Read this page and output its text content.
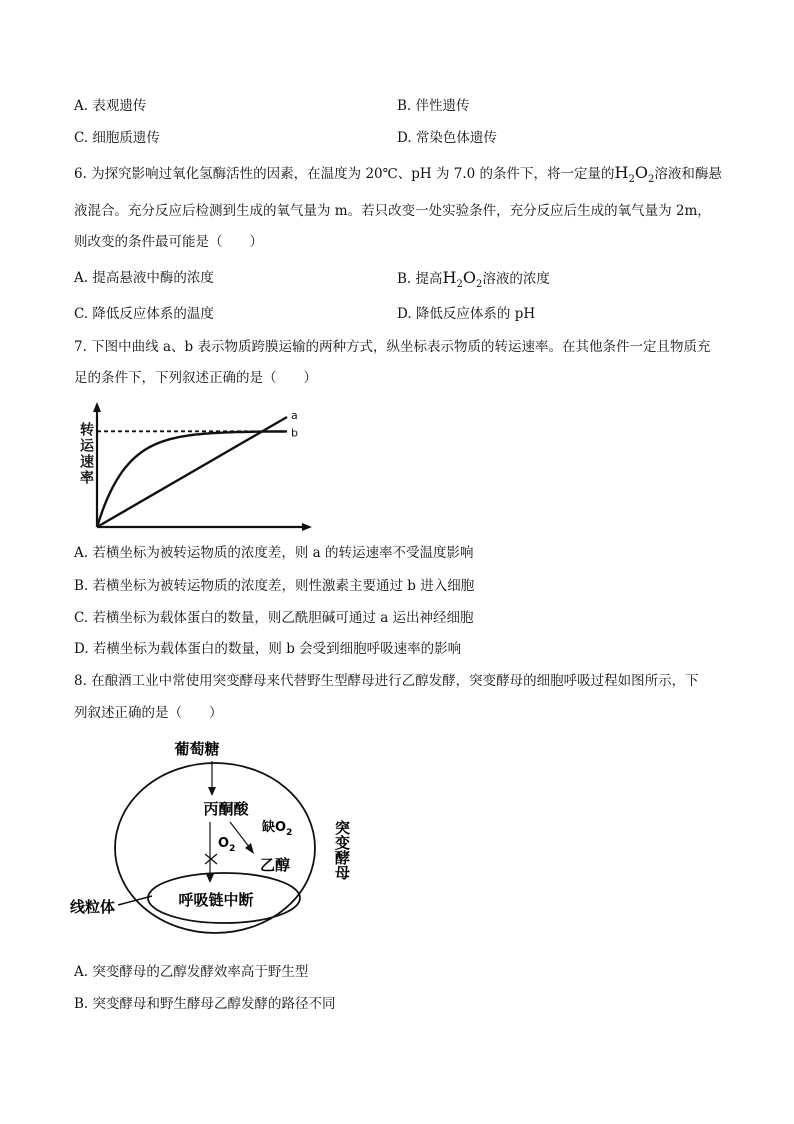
A. 表观遗传	B. 伴性遗传
C. 细胞质遗传	D. 常染色体遗传
6. 为探究影响过氧化氢酶活性的因素，在温度为 20℃、pH 为 7.0 的条件下，将一定量的$H_2O_2$溶液和酶悬
液混合。充分反应后检测到生成的氧气量为 m。若只改变一处实验条件，充分反应后生成的氧气量为 2m，
则改变的条件最可能是（　　）
A. 提高悬液中酶的浓度	B. 提高$H_2O_2$溶液的浓度
C. 降低反应体系的温度	D. 降低反应体系的 pH
7. 下图中曲线 a、b 表示物质跨膜运输的两种方式，纵坐标表示物质的转运速率。在其他条件一定且物质充
足的条件下，下列叙述正确的是（　　）
转运速率
a
b
A. 若横坐标为被转运物质的浓度差，则 a 的转运速率不受温度影响
B. 若横坐标为被转运物质的浓度差，则性激素主要通过 b 进入细胞
C. 若横坐标为载体蛋白的数量，则乙酰胆碱可通过 a 运出神经细胞
D. 若横坐标为载体蛋白的数量，则 b 会受到细胞呼吸速率的影响
8. 在酿酒工业中常使用突变酵母来代替野生型酵母进行乙醇发酵，突变酵母的细胞呼吸过程如图所示，下
列叙述正确的是（　　）
葡萄糖
丙酮酸
$O_2$
缺$O_2$
乙醇
呼吸链中断
线粒体
突变酵母
A. 突变酵母的乙醇发酵效率高于野生型
B. 突变酵母和野生酵母乙醇发酵的路径不同
